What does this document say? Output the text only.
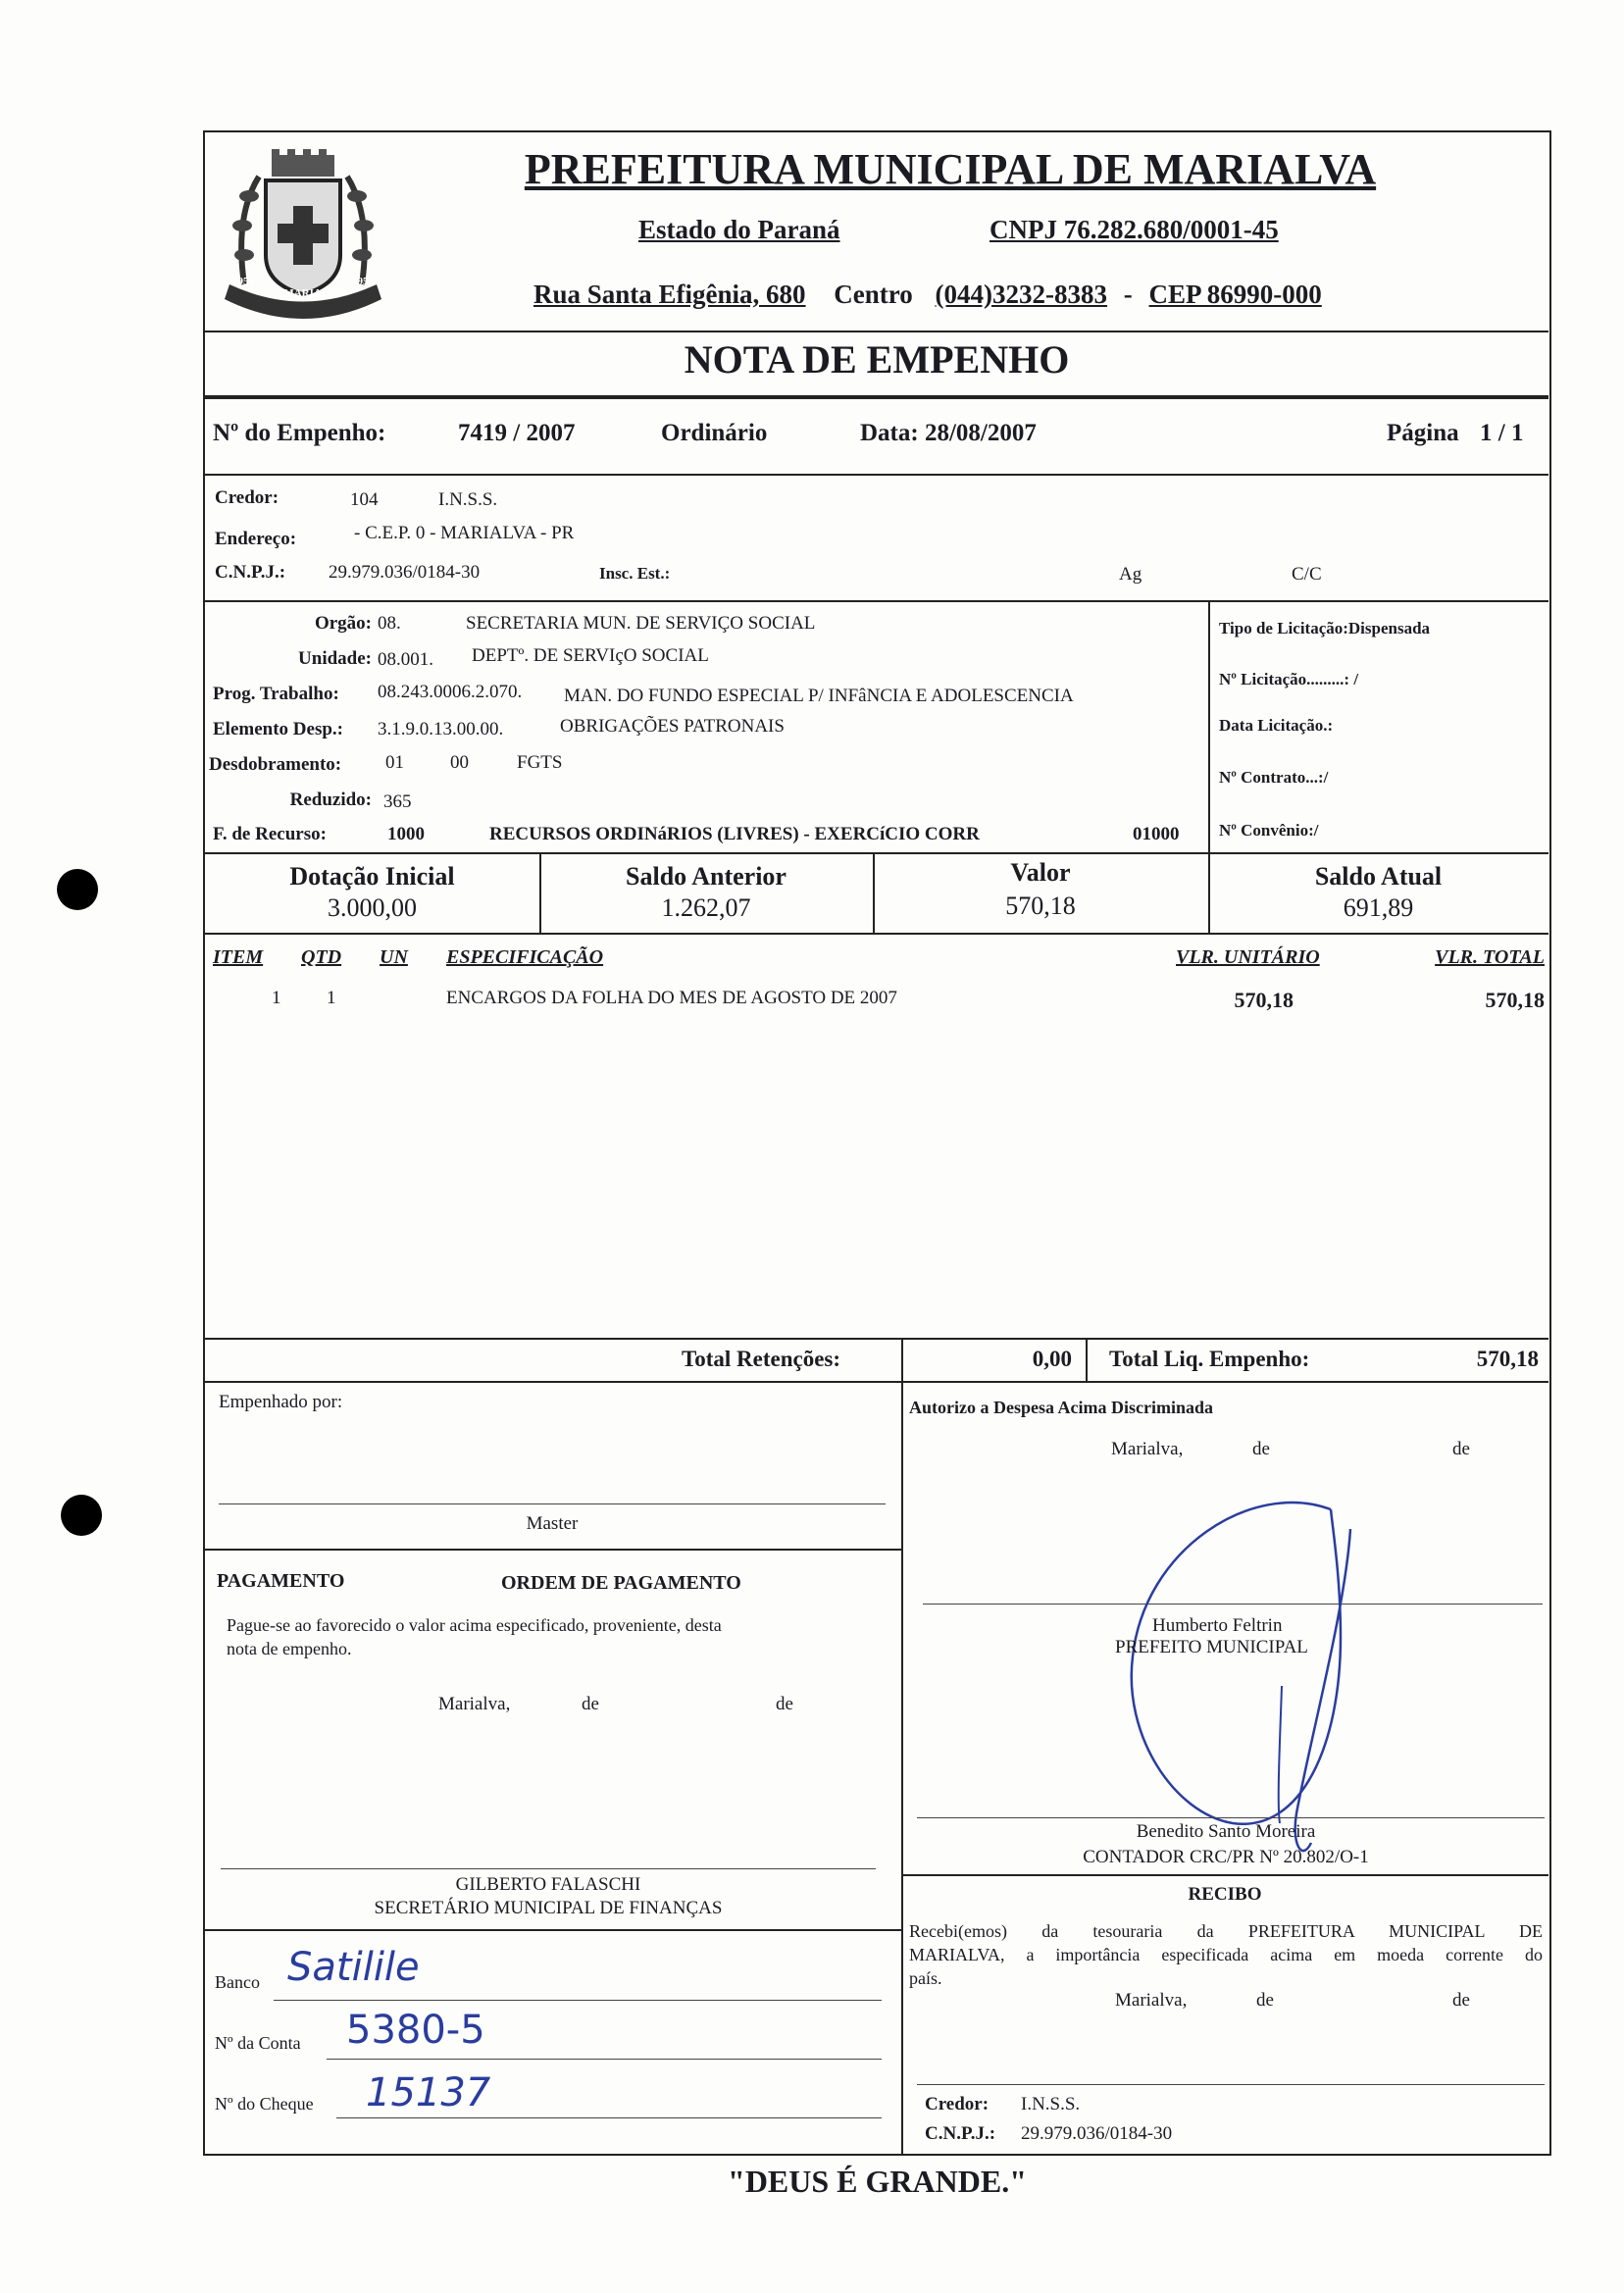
MARIALVA
1951	1952
PREFEITURA MUNICIPAL DE MARIALVA
Estado do Paraná	CNPJ 76.282.680/0001-45
Rua Santa Efigênia, 680 Centro (044)3232-8383 - CEP 86990-000
NOTA DE EMPENHO
Nº do Empenho:	7419 / 2007	Ordinário	Data: 28/08/2007	Página 1 / 1
Credor:	104	I.N.S.S.
Endereço:	- C.E.P. 0 - MARIALVA - PR
C.N.P.J.: 29.979.036/0184-30	Insc. Est.:	Ag	C/C
Orgão: 08.	SECRETARIA MUN. DE SERVIÇO SOCIAL
Unidade: 08.001. DEPTº. DE SERVIçO SOCIAL
Prog. Trabalho: 08.243.0006.2.070. MAN. DO FUNDO ESPECIAL P/ INFâNCIA E ADOLESCENCIA
Elemento Desp.: 3.1.9.0.13.00.00.	OBRIGAÇÕES PATRONAIS
Desdobramento: 01 00	FGTS
Reduzido: 365
F. de Recurso:	1000	RECURSOS ORDINáRIOS (LIVRES) - EXERCíCIO CORR	01000
Tipo de Licitação:Dispensada
Nº Licitação.........: /
Data Licitação.:
Nº Contrato...:/
Nº Convênio:/
Dotação Inicial
3.000,00
Saldo Anterior
1.262,07
Valor
570,18
Saldo Atual
691,89
ITEM QTD UN ESPECIFICAÇÃO	VLR. UNITÁRIO	VLR. TOTAL
1 1	ENCARGOS DA FOLHA DO MES DE AGOSTO DE 2007	570,18	570,18
Total Retenções:	0,00 Total Liq. Empenho:	570,18
Empenhado por:
Master
PAGAMENTO	ORDEM DE PAGAMENTO
Pague-se ao favorecido o valor acima especificado, proveniente, desta
nota de empenho.
Marialva,	de	de
GILBERTO FALASCHI
SECRETÁRIO MUNICIPAL DE FINANÇAS
Banco Satilile
Nº da Conta 5380-5
Nº do Cheque 15137
Autorizo a Despesa Acima Discriminada
Marialva,	de	de
Humberto Feltrin
PREFEITO MUNICIPAL
Benedito Santo Moreira
CONTADOR CRC/PR Nº 20.802/O-1
RECIBO
Recebi(emos) da tesouraria da PREFEITURA MUNICIPAL DE
MARIALVA, a importância especificada acima em moeda corrente do
país.
Marialva,	de	de
Credor: I.N.S.S.
C.N.P.J.: 29.979.036/0184-30
"DEUS É GRANDE."
